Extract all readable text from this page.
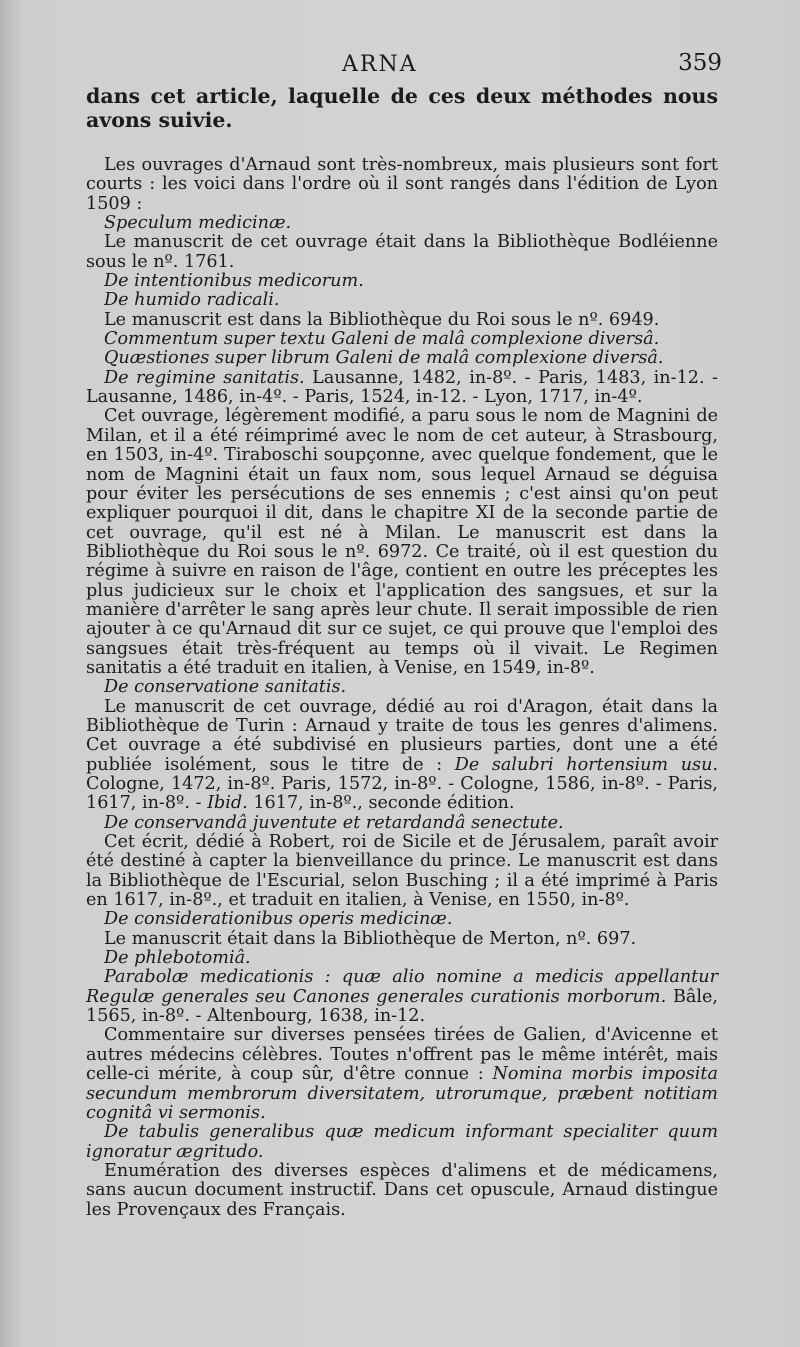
ARNA	359

dans cet article, laquelle de ces deux méthodes nous avons suivie.

Les ouvrages d'Arnaud sont très-nombreux, mais plusieurs sont fort courts : les voici dans l'ordre où il sont rangés dans l'édition de Lyon 1509 :

Speculum medicinæ.

Le manuscrit de cet ouvrage était dans la Bibliothèque Bodléienne sous le nº. 1761.

De intentionibus medicorum.

De humido radicali.

Le manuscrit est dans la Bibliothèque du Roi sous le nº. 6949.

Commentum super textu Galeni de malâ complexione diversâ.

Quæstiones super librum Galeni de malâ complexione diversâ.

De regimine sanitatis. Lausanne, 1482, in-8º. - Paris, 1483, in-12. - Lausanne, 1486, in-4º. - Paris, 1524, in-12. - Lyon, 1717, in-4º.

Cet ouvrage, légèrement modifié, a paru sous le nom de Magnini de Milan, et il a été réimprimé avec le nom de cet auteur, à Strasbourg, en 1503, in-4º. Tiraboschi soupçonne, avec quelque fondement, que le nom de Magnini était un faux nom, sous lequel Arnaud se déguisa pour éviter les persécutions de ses ennemis ; c'est ainsi qu'on peut expliquer pourquoi il dit, dans le chapitre XI de la seconde partie de cet ouvrage, qu'il est né à Milan. Le manuscrit est dans la Bibliothèque du Roi sous le nº. 6972. Ce traité, où il est question du régime à suivre en raison de l'âge, contient en outre les préceptes les plus judicieux sur le choix et l'application des sangsues, et sur la manière d'arrêter le sang après leur chute. Il serait impossible de rien ajouter à ce qu'Arnaud dit sur ce sujet, ce qui prouve que l'emploi des sangsues était très-fréquent au temps où il vivait. Le Regimen sanitatis a été traduit en italien, à Venise, en 1549, in-8º.

De conservatione sanitatis.

Le manuscrit de cet ouvrage, dédié au roi d'Aragon, était dans la Bibliothèque de Turin : Arnaud y traite de tous les genres d'alimens. Cet ouvrage a été subdivisé en plusieurs parties, dont une a été publiée isolément, sous le titre de : De salubri hortensium usu. Cologne, 1472, in-8º. Paris, 1572, in-8º. - Cologne, 1586, in-8º. - Paris, 1617, in-8º. - Ibid. 1617, in-8º., seconde édition.

De conservandâ juventute et retardandâ senectute.

Cet écrit, dédié à Robert, roi de Sicile et de Jérusalem, paraît avoir été destiné à capter la bienveillance du prince. Le manuscrit est dans la Bibliothèque de l'Escurial, selon Busching ; il a été imprimé à Paris en 1617, in-8º., et traduit en italien, à Venise, en 1550, in-8º.

De considerationibus operis medicinæ.

Le manuscrit était dans la Bibliothèque de Merton, nº. 697.

De phlebotomiâ.

Parabolæ medicationis : quæ alio nomine a medicis appellantur Regulæ generales seu Canones generales curationis morborum. Bâle, 1565, in-8º. - Altenbourg, 1638, in-12.

Commentaire sur diverses pensées tirées de Galien, d'Avicenne et autres médecins célèbres. Toutes n'offrent pas le même intérêt, mais celle-ci mérite, à coup sûr, d'être connue : Nomina morbis imposita secundum membrorum diversitatem, utrorumque, præbent notitiam cognitâ vi sermonis.

De tabulis generalibus quæ medicum informant specialiter quum ignoratur ægritudo.

Enumération des diverses espèces d'alimens et de médicamens, sans aucun document instructif. Dans cet opuscule, Arnaud distingue les Provençaux des Français.
